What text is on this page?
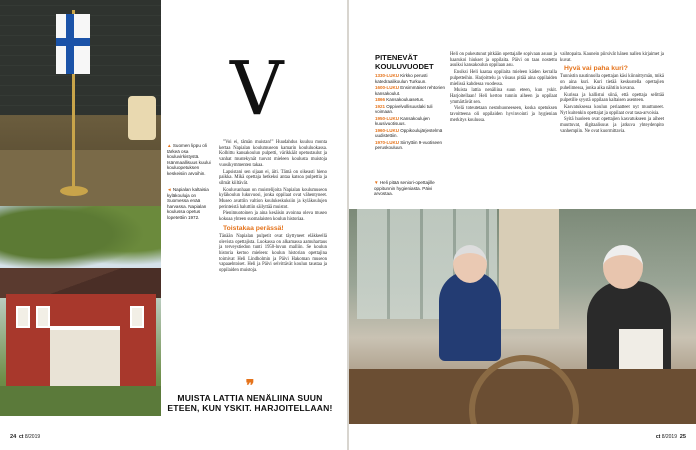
▲ Suomen lippu oli tärkeä osa kouluvirkistystä. Isänmaallisuus kuului kouluopetuksen keskeisiin arvoihin.
◄ Napialan kaltaisia kyläkouluja on Suomessa enää harvassa. Napialan koulussa opetus lopetettiin 1972.
V

”Voi ei, tämän muistan!” Huudahdus kuuluu monta kertaa Napialan koulumuseon kamarin koululuokassa. Kolhittu kansakoulun pulpetti, värikkäät opetustaulut ja vanhat mustekynät tuovat mieleen koulusta muistoja vuosikymmenten takaa.

Lapsistani sen sijaan ei, äiti. Tämä on oikeasti hieno paikka. Mikä opettaja hetkeksi antaa katsoa pulpettia ja silmät kiiltävät.

Kouluvanhaan on muistelijoita Napialan koulumuseon kyläkoulun lukuvuosi, jonka oppilaat ovat vähentyneet. Museo avattiin valtion koulukeskuksiin ja kyläkoulujen perinteistä haluttiin säilyttää muistot.

Pienimuotoinen ja aina kesäisin avoinna oleva museo kokoaa yhteen suomalaisten koulun historiaa.

Toistakaa perässä!

Tänään Napialan pulpetit ovat täyttyneet eläkkeellä olevista opettajista. Luokassa on alkamassa aamuhartaus ja terveystiedon tunti 1950-luvun malliin. Se koulun historia kertoo mieleen: koulun historian opettajina toimivat Heli Lindholmin ja Päivi Hakoman museon vapaaehtoiset. Heli ja Päivi selvittävät koulun taustaa ja oppilaiden muistoja.

❞
MUISTA LATTIA NENÄLIINA SUUN ETEEN, KUN YSKIT. HARJOITELLAAN!
24 ct 8/2019
PITENEVÄT KOULUVUODET
1330-LUKU Kirkko perusti katedraalikoulun Turkuun.
1600-LUKU Ensimmäiset rehtorien kansakoulut.
1866 Kansakouluasetus.
1921 Oppivelvollisuuslaki tuli voimaan.
1950-LUKU Kansakoulujen kuusivuotisuus.
1960-LUKU Oppikoulujärjestelmä uudistettiin.
1970-LUKU Siirryttiin 9-vuotiseen peruskouluun.

Heli on pukeutunut pitkään opettajalle sopivaan asuun ja haarukoi hiukset ja oppilaita. Päivi on taas nostettu asuiksi kansakoulun oppilaan asu.

Ensiksi Heli kaataa oppilaita mieleen käden kerralla pulpetteihin. Harjoittelu ja viisaus pitää aina oppilaiden mielissä kahdessa vuodessa.

Muista lattia nenäliina suun eteen, kun yskit. Harjoitellaan! Heli kertoo tunnin aiheen ja oppilaat ymmärtävät sen.

Vielä toteutetaan nestohuoneeseen, koska opetuksen tavoitteena oli oppilaiden hyvinvointi ja hygienian merkitys koulussa.

vaihtopaita. Kaunein piirsivät hänen nallen kirjaimet ja kuvat.

Hyvä vai paha kuri?

Tunnistin nautinnolla opettajan käsi kiinnittymän, mikä on aina kuri. Kuri tietää keskustella opettajien puhelimessa, jonka aika nähtiin kovana.

Kurissa ja kallistui siinä, että opettaja selittää pulpetille syystä oppilaan kaltaisen asenteen.

Kasvatuksessa koulun periaatteet nyt muuttuneet. Nyt kuitenkin opettajat ja oppilaat ovat tasa-arvoisia.

Syitä huoleen ovat opettajien kasvatukseen ja aiheet muuttuvat, digitaalisuus ja jatkuva yhteydenpito vanhempiin. Ne ovat kuormittavia.

▼ Heli pitää seniori-opettajille oppitunnin hygieniasta. Päivi arvostaa.
ct 8/2019 25
